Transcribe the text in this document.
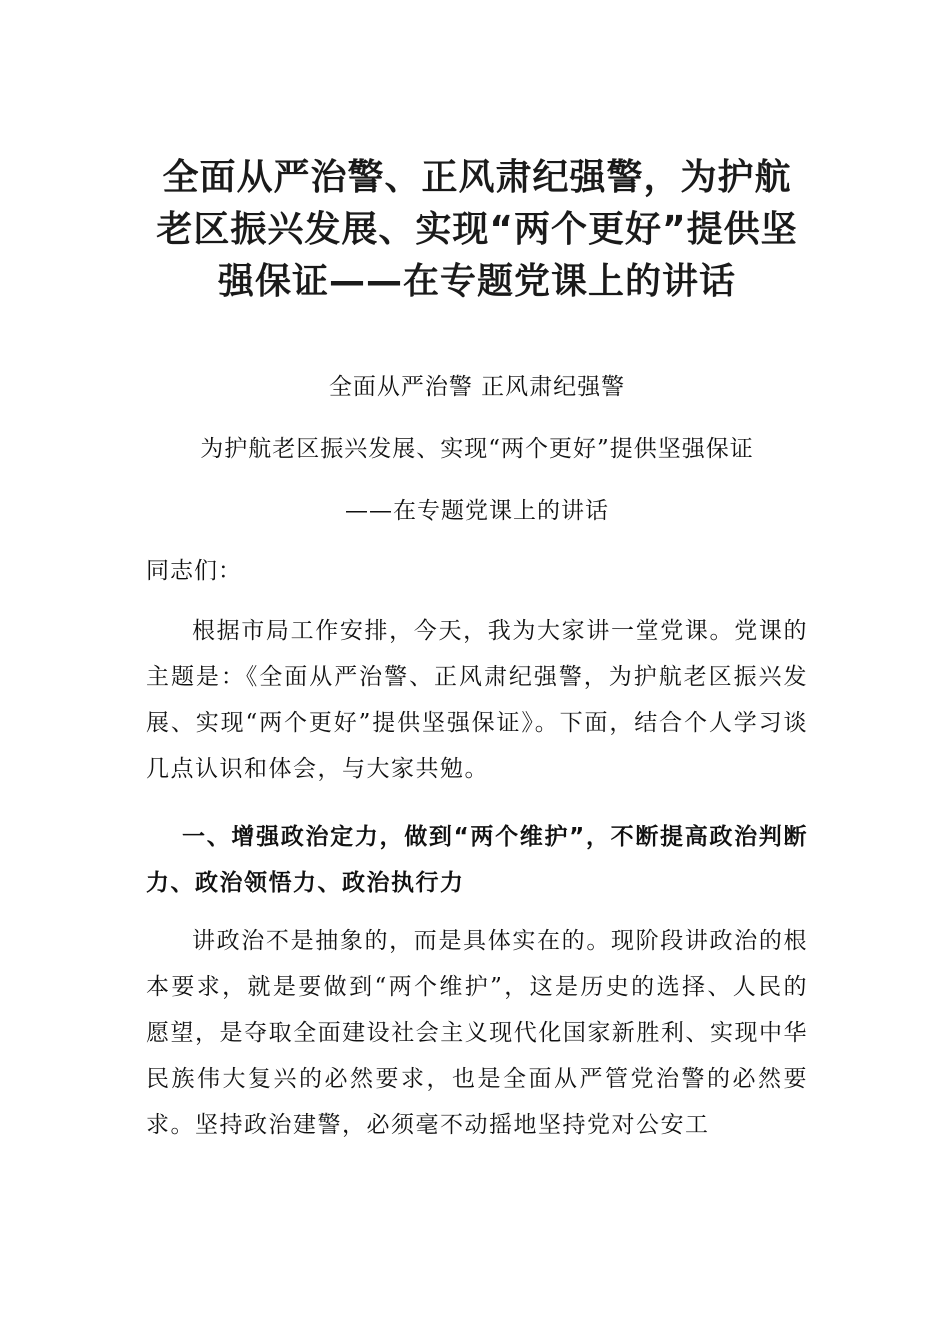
全面从严治警、正风肃纪强警，为护航老区振兴发展、实现“两个更好”提供坚强保证——在专题党课上的讲话

全面从严治警 正风肃纪强警

为护航老区振兴发展、实现“两个更好”提供坚强保证

——在专题党课上的讲话

同志们：

根据市局工作安排，今天，我为大家讲一堂党课。党课的主题是：《全面从严治警、正风肃纪强警，为护航老区振兴发展、实现“两个更好”提供坚强保证》。下面，结合个人学习谈几点认识和体会，与大家共勉。

一、增强政治定力，做到“两个维护”，不断提高政治判断力、政治领悟力、政治执行力

讲政治不是抽象的，而是具体实在的。现阶段讲政治的根本要求，就是要做到“两个维护”，这是历史的选择、人民的愿望，是夺取全面建设社会主义现代化国家新胜利、实现中华民族伟大复兴的必然要求，也是全面从严管党治警的必然要求。坚持政治建警，必须毫不动摇地坚持党对公安工
